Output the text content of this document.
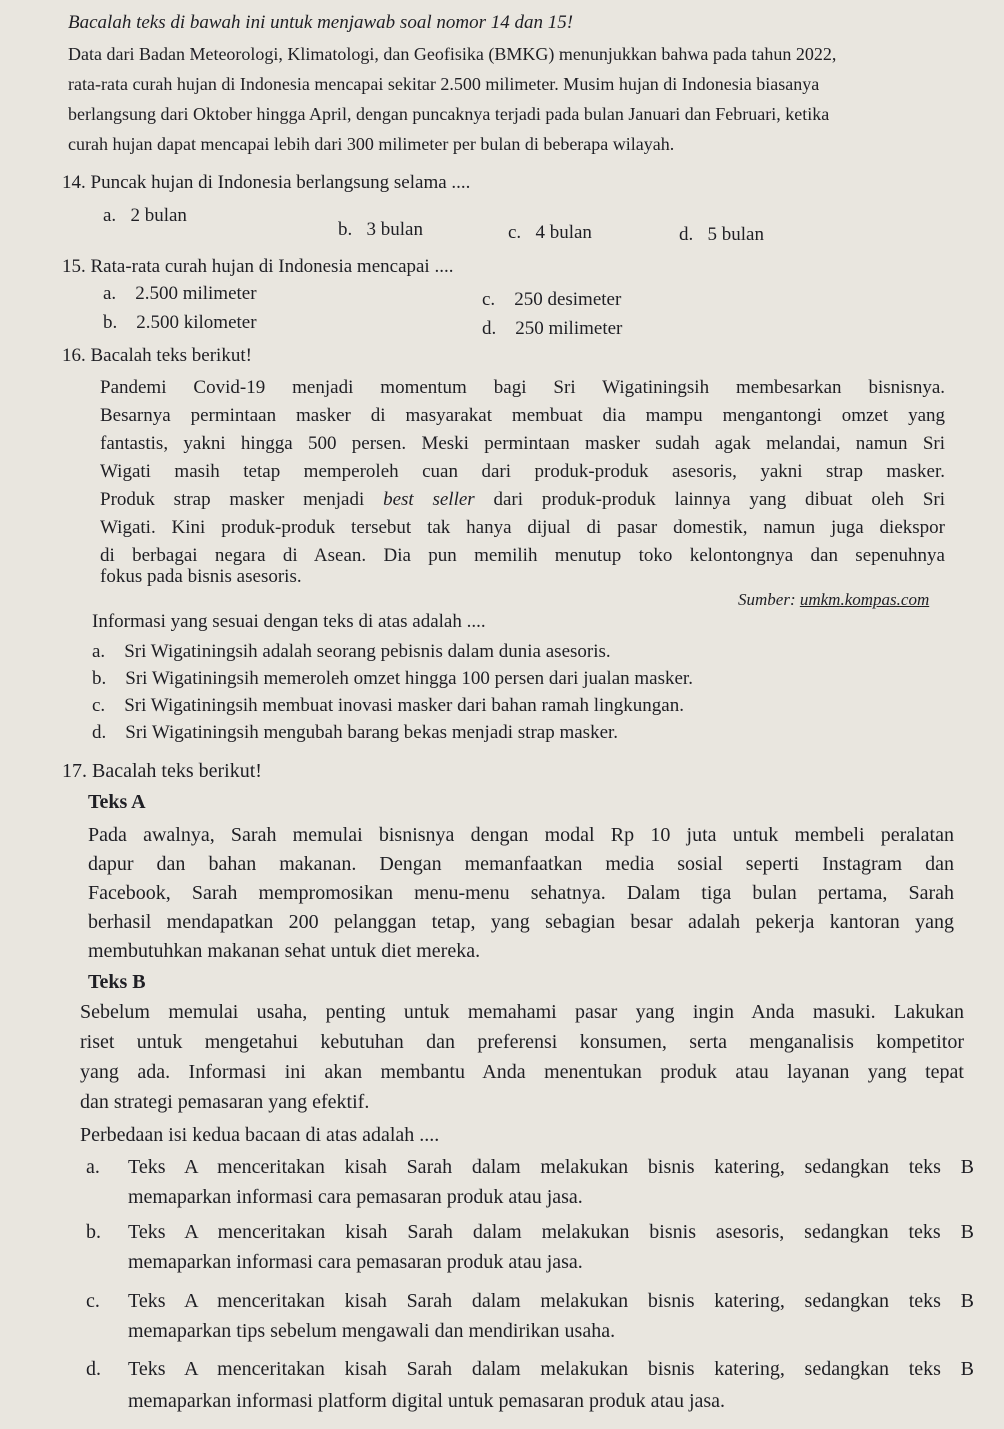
Bacalah teks di bawah ini untuk menjawab soal nomor 14 dan 15!
Data dari Badan Meteorologi, Klimatologi, dan Geofisika (BMKG) menunjukkan bahwa pada tahun 2022,
rata-rata curah hujan di Indonesia mencapai sekitar 2.500 milimeter. Musim hujan di Indonesia biasanya
berlangsung dari Oktober hingga April, dengan puncaknya terjadi pada bulan Januari dan Februari, ketika
curah hujan dapat mencapai lebih dari 300 milimeter per bulan di beberapa wilayah.
14. Puncak hujan di Indonesia berlangsung selama ....
a. 2 bulan
b. 3 bulan	c. 4 bulan	d. 5 bulan
15. Rata-rata curah hujan di Indonesia mencapai ....
a. 2.500 milimeter
b. 2.500 kilometer
c. 250 desimeter
d. 250 milimeter
16. Bacalah teks berikut!
Pandemi Covid-19 menjadi momentum bagi Sri Wigatiningsih membesarkan bisnisnya.
Besarnya permintaan masker di masyarakat membuat dia mampu mengantongi omzet yang
fantastis, yakni hingga 500 persen. Meski permintaan masker sudah agak melandai, namun Sri
Wigati masih tetap memperoleh cuan dari produk-produk asesoris, yakni strap masker.
Produk strap masker menjadi best seller dari produk-produk lainnya yang dibuat oleh Sri
Wigati. Kini produk-produk tersebut tak hanya dijual di pasar domestik, namun juga diekspor
di berbagai negara di Asean. Dia pun memilih menutup toko kelontongnya dan sepenuhnya
fokus pada bisnis asesoris.
Sumber: umkm.kompas.com
Informasi yang sesuai dengan teks di atas adalah ....
a. Sri Wigatiningsih adalah seorang pebisnis dalam dunia asesoris.
b. Sri Wigatiningsih memeroleh omzet hingga 100 persen dari jualan masker.
c. Sri Wigatiningsih membuat inovasi masker dari bahan ramah lingkungan.
d. Sri Wigatiningsih mengubah barang bekas menjadi strap masker.
17. Bacalah teks berikut!
Teks A
Pada awalnya, Sarah memulai bisnisnya dengan modal Rp 10 juta untuk membeli peralatan
dapur dan bahan makanan. Dengan memanfaatkan media sosial seperti Instagram dan
Facebook, Sarah mempromosikan menu-menu sehatnya. Dalam tiga bulan pertama, Sarah
berhasil mendapatkan 200 pelanggan tetap, yang sebagian besar adalah pekerja kantoran yang
membutuhkan makanan sehat untuk diet mereka.
Teks B
Sebelum memulai usaha, penting untuk memahami pasar yang ingin Anda masuki. Lakukan
riset untuk mengetahui kebutuhan dan preferensi konsumen, serta menganalisis kompetitor
yang ada. Informasi ini akan membantu Anda menentukan produk atau layanan yang tepat
dan strategi pemasaran yang efektif.
Perbedaan isi kedua bacaan di atas adalah ....
a. Teks A menceritakan kisah Sarah dalam melakukan bisnis katering, sedangkan teks B
memaparkan informasi cara pemasaran produk atau jasa.
b. Teks A menceritakan kisah Sarah dalam melakukan bisnis asesoris, sedangkan teks B
memaparkan informasi cara pemasaran produk atau jasa.
c. Teks A menceritakan kisah Sarah dalam melakukan bisnis katering, sedangkan teks B
memaparkan tips sebelum mengawali dan mendirikan usaha.
d. Teks A menceritakan kisah Sarah dalam melakukan bisnis katering, sedangkan teks B
memaparkan informasi platform digital untuk pemasaran produk atau jasa.
